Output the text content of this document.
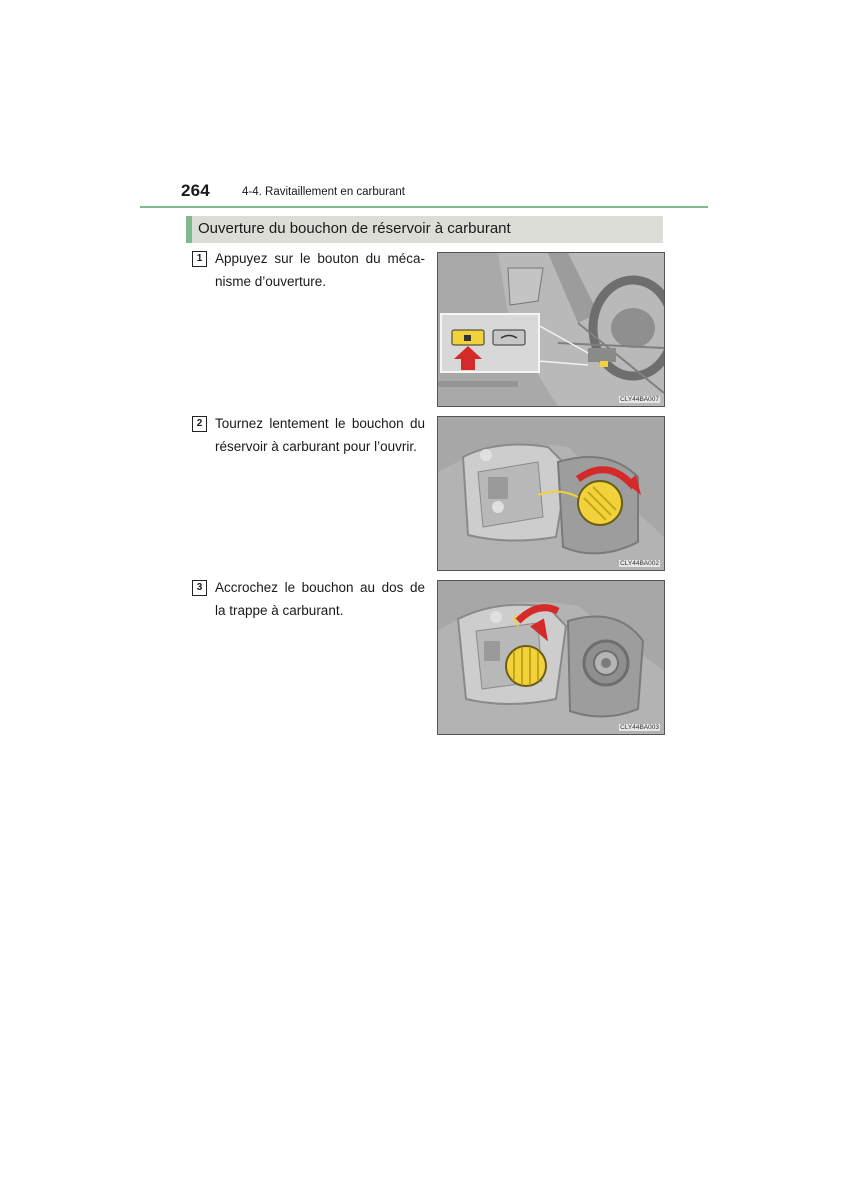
264	4-4. Ravitaillement en carburant
Ouverture du bouchon de réservoir à carburant
1 Appuyez sur le bouton du méca-nisme d’ouverture.
CLY44BA007
2 Tournez lentement le bouchon du réservoir à carburant pour l’ouvrir.
CLY44BA002
3 Accrochez le bouchon au dos de la trappe à carburant.
CLY44BA003
